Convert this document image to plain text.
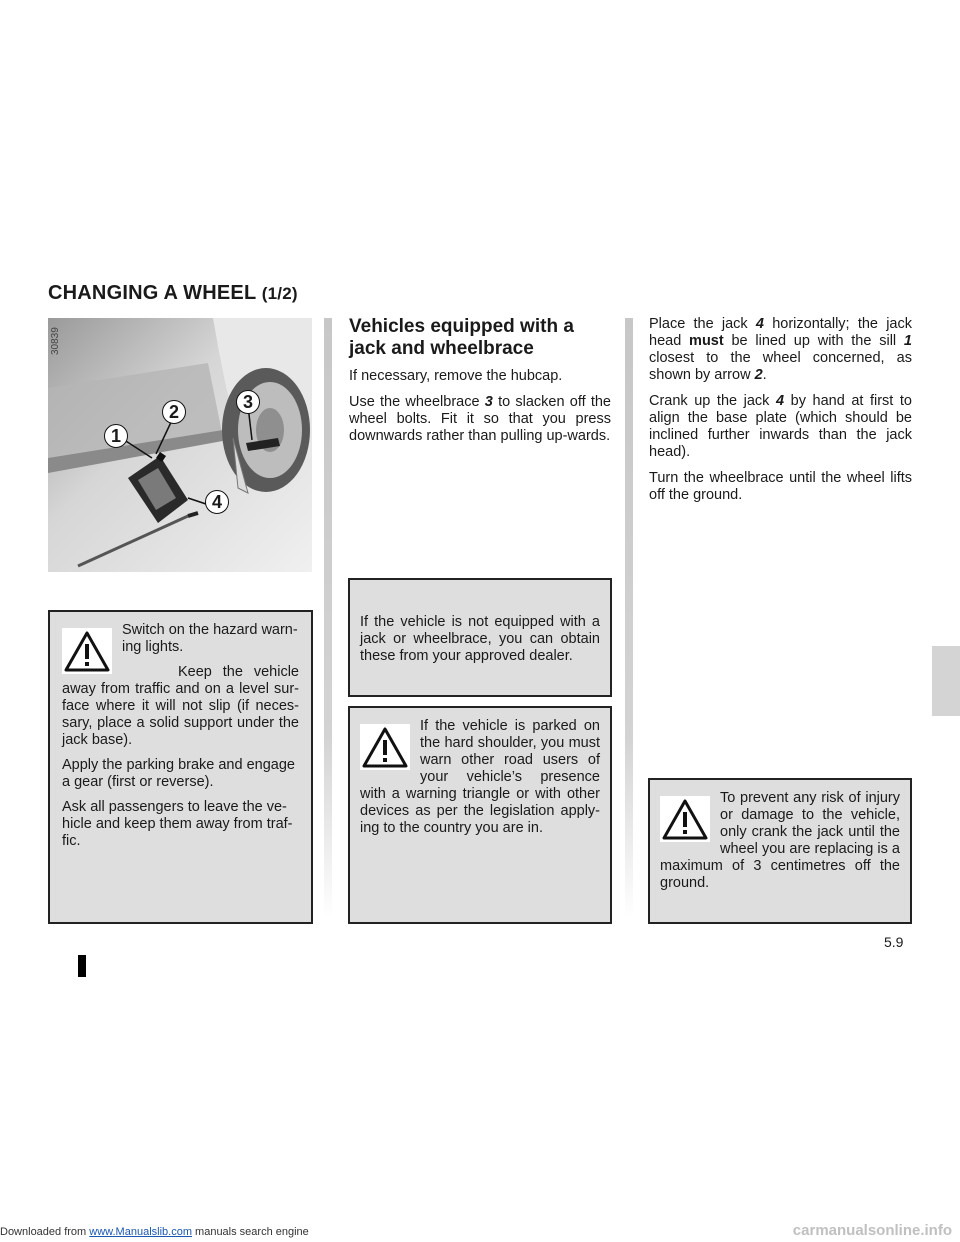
CHANGING A WHEEL (1/2)
1
2	3
4
30839

Switch on the hazard warn-ing lights.

Keep the vehicle away from traffic and on a level sur-face where it will not slip (if neces-sary, place a solid support under the jack base).

Apply the parking brake and engage a gear (first or reverse).

Ask all passengers to leave the ve-hicle and keep them away from traf-fic.

Vehicles equipped with a jack and wheelbrace

If necessary, remove the hubcap.

Use the wheelbrace 3 to slacken off the wheel bolts. Fit it so that you press downwards rather than pulling up-wards.

If the vehicle is not equipped with a jack or wheelbrace, you can obtain these from your approved dealer.

If the vehicle is parked on the hard shoulder, you must warn other road users of your vehicle’s presence with a warning triangle or with other devices as per the legislation apply-ing to the country you are in.

Place the jack 4 horizontally; the jack head must be lined up with the sill 1 closest to the wheel concerned, as shown by arrow 2.

Crank up the jack 4 by hand at first to align the base plate (which should be inclined further inwards than the jack head).

Turn the wheelbrace until the wheel lifts off the ground.

To prevent any risk of injury or damage to the vehicle, only crank the jack until the wheel you are replacing is a maximum of 3 centimetres off the ground.

5.9
Downloaded from www.Manualslib.com manuals search engine	carmanualsonline.info
